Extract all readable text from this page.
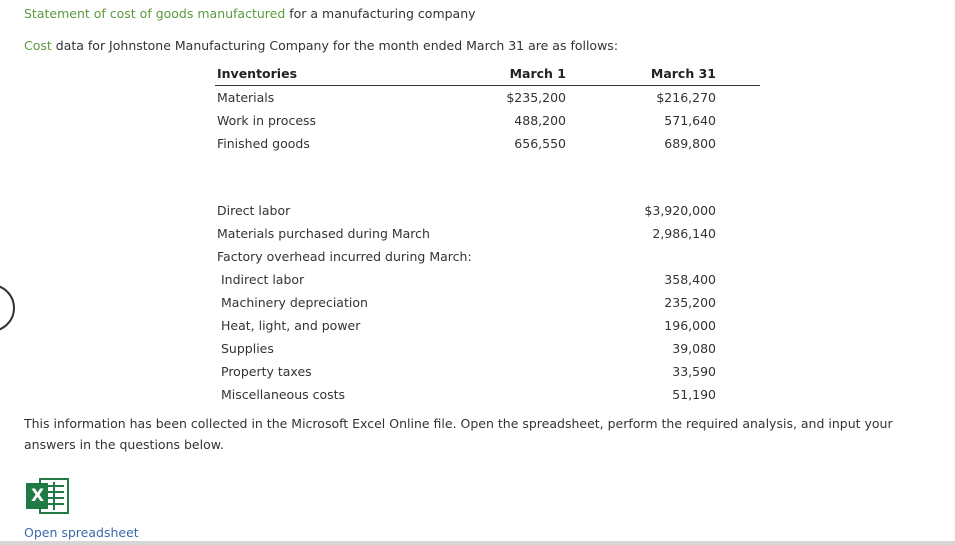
Statement of cost of goods manufactured for a manufacturing company
Cost data for Johnstone Manufacturing Company for the month ended March 31 are as follows:
Inventories	March 1	March 31
Materials	$235,200	$216,270
Work in process	488,200	571,640
Finished goods	656,550	689,800
Direct labor	$3,920,000
Materials purchased during March	2,986,140
Factory overhead incurred during March:
Indirect labor	358,400
Machinery depreciation	235,200
Heat, light, and power	196,000
Supplies	39,080
Property taxes	33,590
Miscellaneous costs	51,190
This information has been collected in the Microsoft Excel Online file. Open the spreadsheet, perform the required analysis, and input your answers in the questions below.
X
Open spreadsheet
